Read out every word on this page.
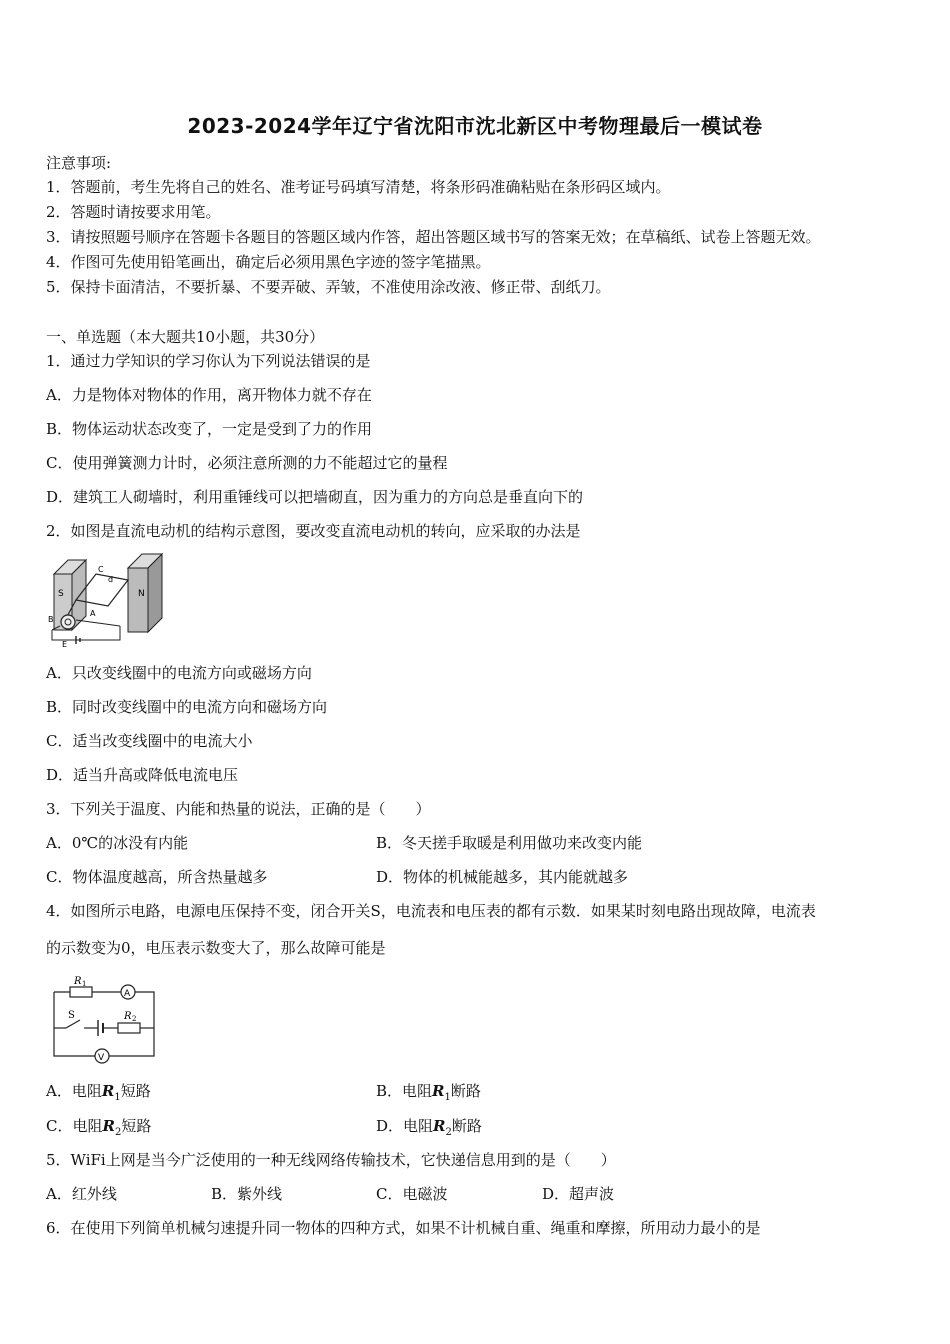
2023-2024学年辽宁省沈阳市沈北新区中考物理最后一模试卷
注意事项:
1．答题前，考生先将自己的姓名、准考证号码填写清楚，将条形码准确粘贴在条形码区域内。
2．答题时请按要求用笔。
3．请按照题号顺序在答题卡各题目的答题区域内作答，超出答题区域书写的答案无效；在草稿纸、试卷上答题无效。
4．作图可先使用铅笔画出，确定后必须用黑色字迹的签字笔描黑。
5．保持卡面清洁，不要折暴、不要弄破、弄皱，不准使用涂改液、修正带、刮纸刀。
一、单选题（本大题共10小题，共30分）
1．通过力学知识的学习你认为下列说法错误的是
A．力是物体对物体的作用，离开物体力就不存在
B．物体运动状态改变了，一定是受到了力的作用
C．使用弹簧测力计时，必须注意所测的力不能超过它的量程
D．建筑工人砌墙时，利用重锤线可以把墙砌直，因为重力的方向总是垂直向下的
2．如图是直流电动机的结构示意图，要改变直流电动机的转向，应采取的办法是
S	N
A
B
C
d
E
A．只改变线圈中的电流方向或磁场方向
B．同时改变线圈中的电流方向和磁场方向
C．适当改变线圈中的电流大小
D．适当升高或降低电流电压
3．下列关于温度、内能和热量的说法，正确的是（　　）
A．0℃的冰没有内能	B．冬天搓手取暖是利用做功来改变内能
C．物体温度越高，所含热量越多	D．物体的机械能越多，其内能就越多
4．如图所示电路，电源电压保持不变，闭合开关S，电流表和电压表的都有示数．如果某时刻电路出现故障，电流表
的示数变为0，电压表示数变大了，那么故障可能是
R 1
A
S	R 2
V
A．电阻$R_1$短路	B．电阻$R_1$断路
C．电阻$R_2$短路	D．电阻$R_2$断路
5．WiFi上网是当今广泛使用的一种无线网络传输技术，它快递信息用到的是（　　）
A．红外线	B．紫外线	C．电磁波	D．超声波
6．在使用下列简单机械匀速提升同一物体的四种方式，如果不计机械自重、绳重和摩擦，所用动力最小的是
